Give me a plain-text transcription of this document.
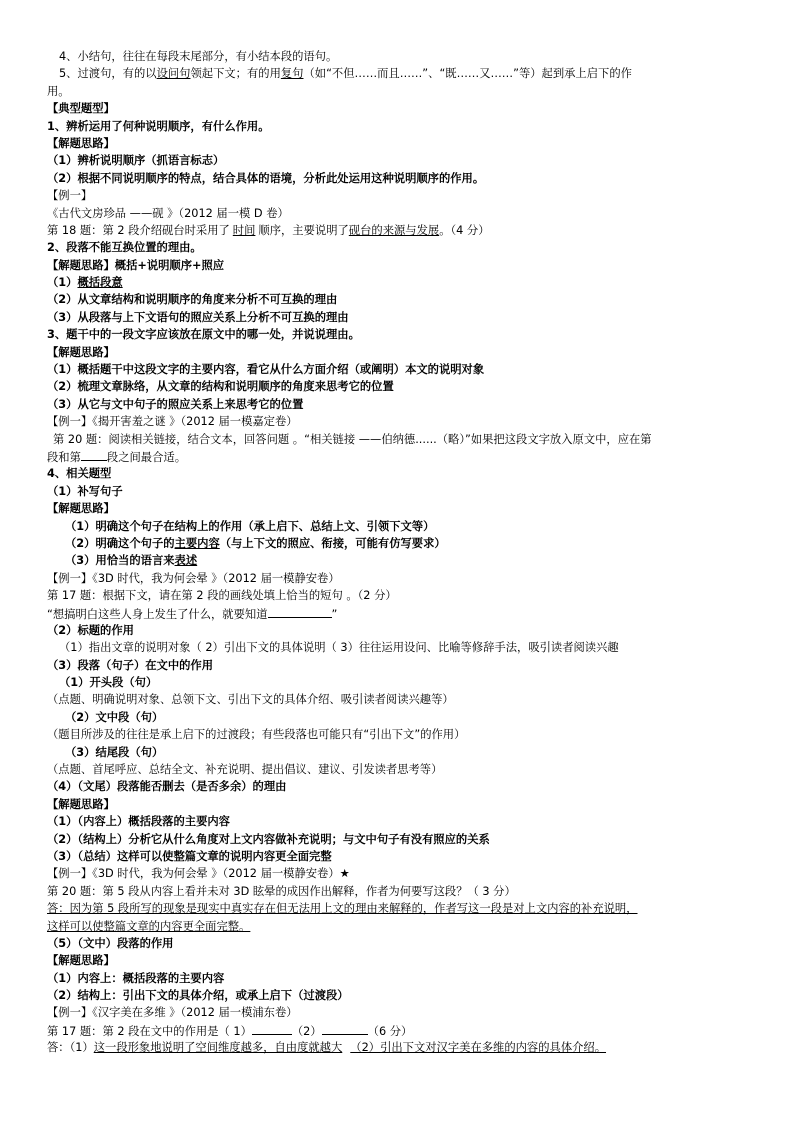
4、小结句，往往在每段末尾部分，有小结本段的语句。
5、过渡句，有的以设问句领起下文；有的用复句（如“不但……而且……”、“既……又……”等）起到承上启下的作
用。
【典型题型】
1、辨析运用了何种说明顺序，有什么作用。
【解题思路】
（1）辨析说明顺序（抓语言标志）
（2）根据不同说明顺序的特点，结合具体的语境，分析此处运用这种说明顺序的作用。
【例一】
《古代文房珍品 ——砚 》（2012 届一模 D 卷）
第 18 题：第 2 段介绍砚台时采用了 时间 顺序，主要说明了砚台的来源与发展。（4 分）
2、段落不能互换位置的理由。
【解题思路】概括+说明顺序+照应
（1）概括段意
（2）从文章结构和说明顺序的角度来分析不可互换的理由
（3）从段落与上下文语句的照应关系上分析不可互换的理由
3、题干中的一段文字应该放在原文中的哪一处，并说说理由。
【解题思路】
（1）概括题干中这段文字的主要内容，看它从什么方面介绍（或阐明）本文的说明对象
（2）梳理文章脉络，从文章的结构和说明顺序的角度来思考它的位置
（3）从它与文中句子的照应关系上来思考它的位置
【例一】《揭开害羞之谜 》（2012 届一模嘉定卷）
第 20 题：阅读相关链接，结合文本，回答问题 。“相关链接 ——伯纳德......（略）”如果把这段文字放入原文中，应在第
段和第 段之间最合适。
4、相关题型
（1）补写句子
【解题思路】
（1）明确这个句子在结构上的作用（承上启下、总结上文、引领下文等）
（2）明确这个句子的主要内容（与上下文的照应、衔接，可能有仿写要求）
（3）用恰当的语言来表述
【例一】《3D 时代，我为何会晕 》（2012 届一模静安卷）
第 17 题：根据下文，请在第 2 段的画线处填上恰当的短句 。（2 分）
“想搞明白这些人身上发生了什么，就要知道	”
（2）标题的作用
（1）指出文章的说明对象（ 2）引出下文的具体说明（ 3）往往运用设问、比喻等修辞手法，吸引读者阅读兴趣
（3）段落（句子）在文中的作用
（1）开头段（句）
（点题、明确说明对象、总领下文、引出下文的具体介绍、吸引读者阅读兴趣等）
（2）文中段（句）
（题目所涉及的往往是承上启下的过渡段；有些段落也可能只有“引出下文”的作用）
（3）结尾段（句）
（点题、首尾呼应、总结全文、补充说明、提出倡议、建议、引发读者思考等）
（4）（文尾）段落能否删去（是否多余）的理由
【解题思路】
（1）（内容上）概括段落的主要内容
（2）（结构上）分析它从什么角度对上文内容做补充说明；与文中句子有没有照应的关系
（3）（总结）这样可以使整篇文章的说明内容更全面完整
【例一】《3D 时代，我为何会晕 》（2012 届一模静安卷）★
第 20 题：第 5 段从内容上看并未对 3D 眩晕的成因作出解释，作者为何要写这段？（ 3 分）
答：因为第 5 段所写的现象是现实中真实存在但无法用上文的理由来解释的，作者写这一段是对上文内容的补充说明，
这样可以使整篇文章的内容更全面完整。
（5）（文中）段落的作用
【解题思路】
（1）内容上：概括段落的主要内容
（2）结构上：引出下文的具体介绍，或承上启下（过渡段）
【例一】《汉字美在多维 》（2012 届一模浦东卷）
第 17 题：第 2 段在文中的作用是（ 1）	（2）	（6 分）
答：（1）这一段形象地说明了空间维度越多，自由度就越大 （2）引出下文对汉字美在多维的内容的具体介绍。
